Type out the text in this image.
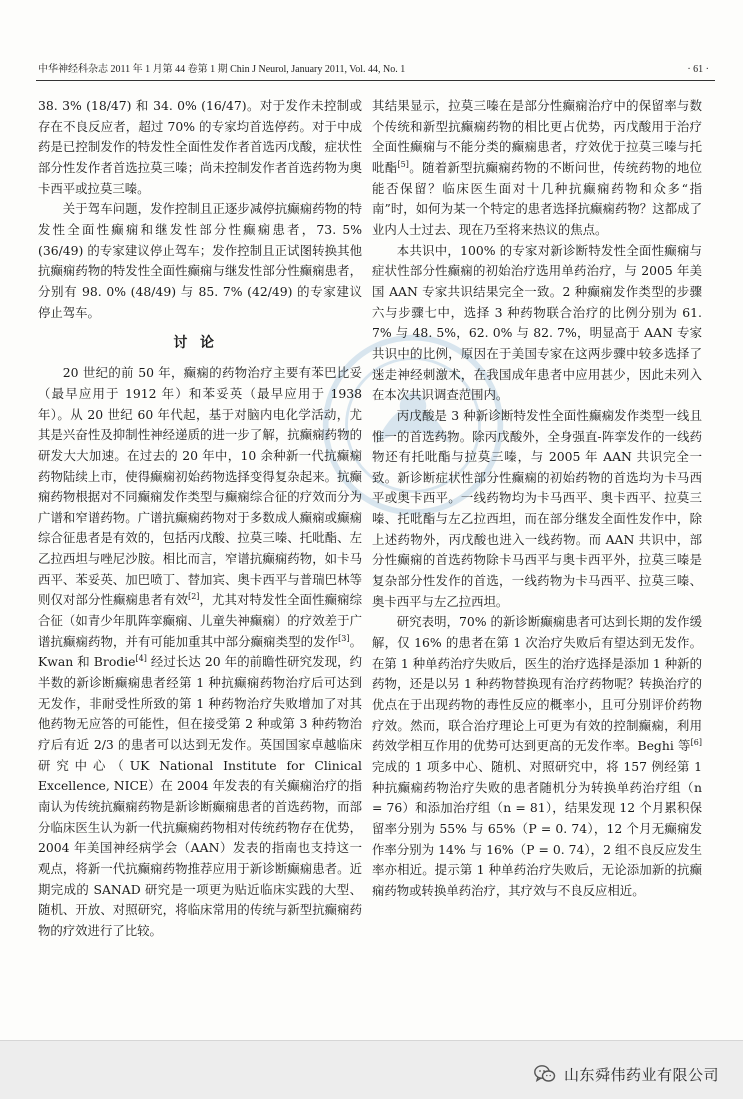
中华神经科杂志 2011 年 1 月第 44 卷第 1 期 Chin J Neurol, January 2011, Vol. 44, No. 1	· 61 ·

38. 3% (18/47) 和 34. 0% (16/47)。对于发作未控制或存在不良反应者，超过 70% 的专家均首选停药。对于中成药是已控制发作的特发性全面性发作者首选丙戊酸，症状性部分性发作者首选拉莫三嗪；尚未控制发作者首选药物为奥卡西平或拉莫三嗪。

关于驾车问题，发作控制且正逐步减停抗癫痫药物的特发性全面性癫痫和继发性部分性癫痫患者，73. 5% (36/49) 的专家建议停止驾车；发作控制且正试图转换其他抗癫痫药物的特发性全面性癫痫与继发性部分性癫痫患者，分别有 98. 0% (48/49) 与 85. 7% (42/49) 的专家建议停止驾车。

讨论

20 世纪的前 50 年，癫痫的药物治疗主要有苯巴比妥（最早应用于 1912 年）和苯妥英（最早应用于 1938 年）。从 20 世纪 60 年代起，基于对脑内电化学活动，尤其是兴奋性及抑制性神经递质的进一步了解，抗癫痫药物的研发大大加速。在过去的 20 年中，10 余种新一代抗癫痫药物陆续上市，使得癫痫初始药物选择变得复杂起来。抗癫痫药物根据对不同癫痫发作类型与癫痫综合征的疗效而分为广谱和窄谱药物。广谱抗癫痫药物对于多数成人癫痫或癫痫综合征患者是有效的，包括丙戊酸、拉莫三嗪、托吡酯、左乙拉西坦与唑尼沙胺。相比而言，窄谱抗癫痫药物，如卡马西平、苯妥英、加巴喷丁、替加宾、奥卡西平与普瑞巴林等则仅对部分性癫痫患者有效[2]，尤其对特发性全面性癫痫综合征（如青少年肌阵挛癫痫、儿童失神癫痫）的疗效差于广谱抗癫痫药物，并有可能加重其中部分癫痫类型的发作[3]。Kwan 和 Brodie[4] 经过长达 20 年的前瞻性研究发现，约半数的新诊断癫痫患者经第 1 种抗癫痫药物治疗后可达到无发作，非耐受性所致的第 1 种药物治疗失败增加了对其他药物无应答的可能性，但在接受第 2 种或第 3 种药物治疗后有近 2/3 的患者可以达到无发作。英国国家卓越临床研究中心（UK National Institute for Clinical Excellence, NICE）在 2004 年发表的有关癫痫治疗的指南认为传统抗癫痫药物是新诊断癫痫患者的首选药物，而部分临床医生认为新一代抗癫痫药物相对传统药物存在优势，2004 年美国神经病学会（AAN）发表的指南也支持这一观点，将新一代抗癫痫药物推荐应用于新诊断癫痫患者。近期完成的 SANAD 研究是一项更为贴近临床实践的大型、随机、开放、对照研究，将临床常用的传统与新型抗癫痫药物的疗效进行了比较。

其结果显示，拉莫三嗪在是部分性癫痫治疗中的保留率与数个传统和新型抗癫痫药物的相比更占优势，丙戊酸用于治疗全面性癫痫与不能分类的癫痫患者，疗效优于拉莫三嗪与托吡酯[5]。随着新型抗癫痫药物的不断问世，传统药物的地位能否保留？临床医生面对十几种抗癫痫药物和众多“指南”时，如何为某一个特定的患者选择抗癫痫药物？这都成了业内人士过去、现在乃至将来热议的焦点。

本共识中，100% 的专家对新诊断特发性全面性癫痫与症状性部分性癫痫的初始治疗选用单药治疗，与 2005 年美国 AAN 专家共识结果完全一致。2 种癫痫发作类型的步骤六与步骤七中，选择 3 种药物联合治疗的比例分别为 61. 7% 与 48. 5%，62. 0% 与 82. 7%，明显高于 AAN 专家共识中的比例，原因在于美国专家在这两步骤中较多选择了迷走神经刺激术，在我国成年患者中应用甚少，因此未列入在本次共识调查范围内。

丙戊酸是 3 种新诊断特发性全面性癫痫发作类型一线且惟一的首选药物。除丙戊酸外，全身强直-阵挛发作的一线药物还有托吡酯与拉莫三嗪，与 2005 年 AAN 共识完全一致。新诊断症状性部分性癫痫的初始药物的首选均为卡马西平或奥卡西平。一线药物均为卡马西平、奥卡西平、拉莫三嗪、托吡酯与左乙拉西坦，而在部分继发全面性发作中，除上述药物外，丙戊酸也进入一线药物。而 AAN 共识中，部分性癫痫的首选药物除卡马西平与奥卡西平外，拉莫三嗪是复杂部分性发作的首选，一线药物为卡马西平、拉莫三嗪、奥卡西平与左乙拉西坦。

研究表明，70% 的新诊断癫痫患者可达到长期的发作缓解，仅 16% 的患者在第 1 次治疗失败后有望达到无发作。在第 1 种单药治疗失败后，医生的治疗选择是添加 1 种新的药物，还是以另 1 种药物替换现有治疗药物呢？转换治疗的优点在于出现药物的毒性反应的概率小，且可分别评价药物疗效。然而，联合治疗理论上可更为有效的控制癫痫，利用药效学相互作用的优势可达到更高的无发作率。Beghi 等[6] 完成的 1 项多中心、随机、对照研究中，将 157 例经第 1 种抗癫痫药物治疗失败的患者随机分为转换单药治疗组（n = 76）和添加治疗组（n = 81），结果发现 12 个月累积保留率分别为 55% 与 65%（P = 0. 74），12 个月无癫痫发作率分别为 14% 与 16%（P = 0. 74），2 组不良反应发生率亦相近。提示第 1 种单药治疗失败后，无论添加新的抗癫痫药物或转换单药治疗，其疗效与不良反应相近。

山东舜伟药业有限公司
